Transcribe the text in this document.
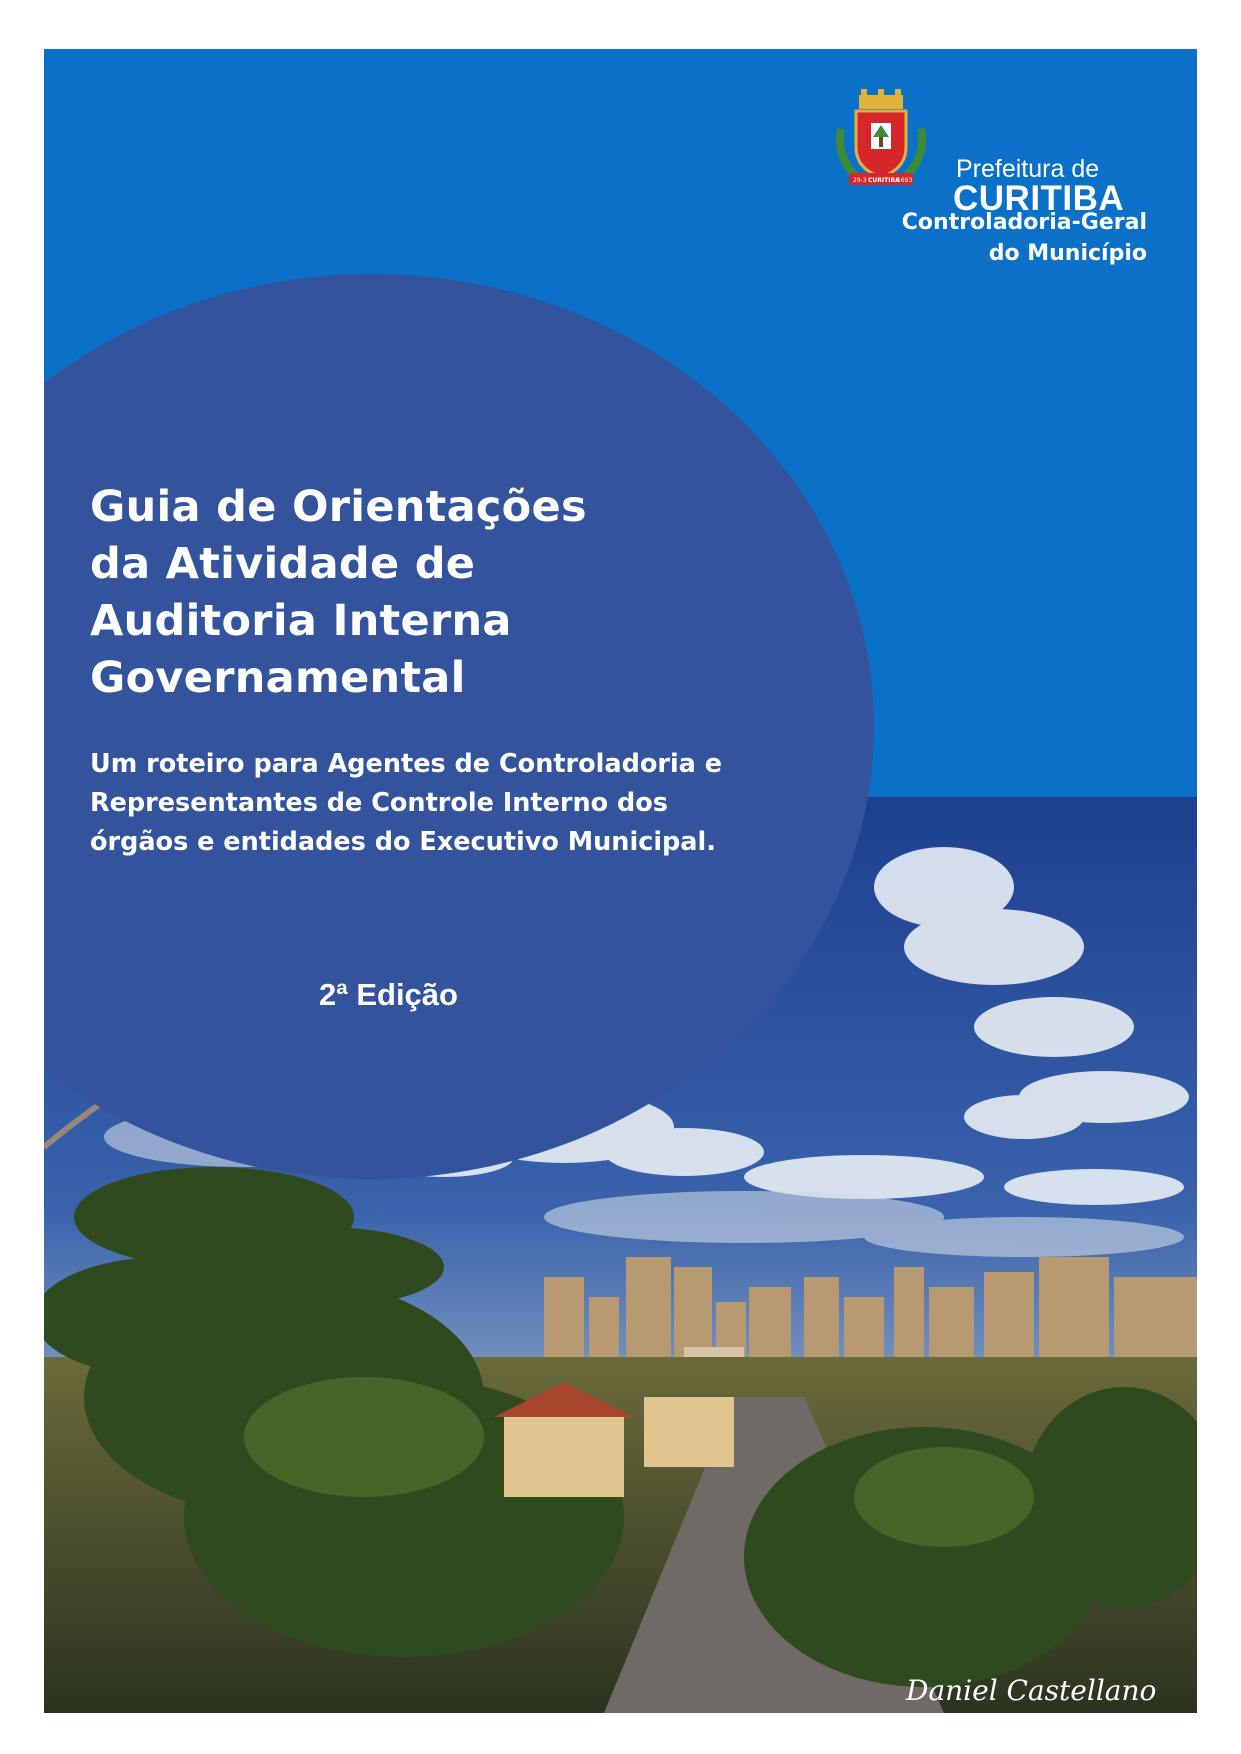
Guia de Orientações
da Atividade de
Auditoria Interna
Governamental
Um roteiro para Agentes de Controladoria e
Representantes de Controle Interno dos
órgãos e entidades do Executivo Municipal.
2ª Edição
29-3 CURITIBA
1693 Prefeitura de
CURITIBA
Controladoria-Geral
do Município
Daniel Castellano
